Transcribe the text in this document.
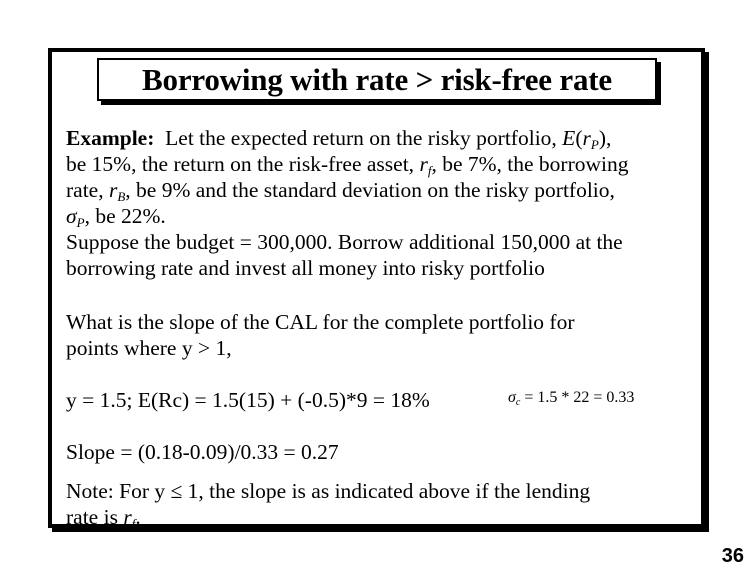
Borrowing with rate > risk-free rate
Example: Let the expected return on the risky portfolio, $E(r_P)$,
be 15%, the return on the risk-free asset, $r_f$, be 7%, the borrowing
rate, $r_B$, be 9% and the standard deviation on the risky portfolio,
$\sigma_P$, be 22%.
Suppose the budget = 300,000. Borrow additional 150,000 at the
borrowing rate and invest all money into risky portfolio
What is the slope of the CAL for the complete portfolio for
points where y > 1,
y = 1.5; E(Rc) = 1.5(15) + (-0.5)*9 = 18%	$\sigma_c = 1.5 * 22 = 0.33$
Slope = (0.18-0.09)/0.33 = 0.27
Note: For y ≤ 1, the slope is as indicated above if the lending
rate is $r_f$.
36
